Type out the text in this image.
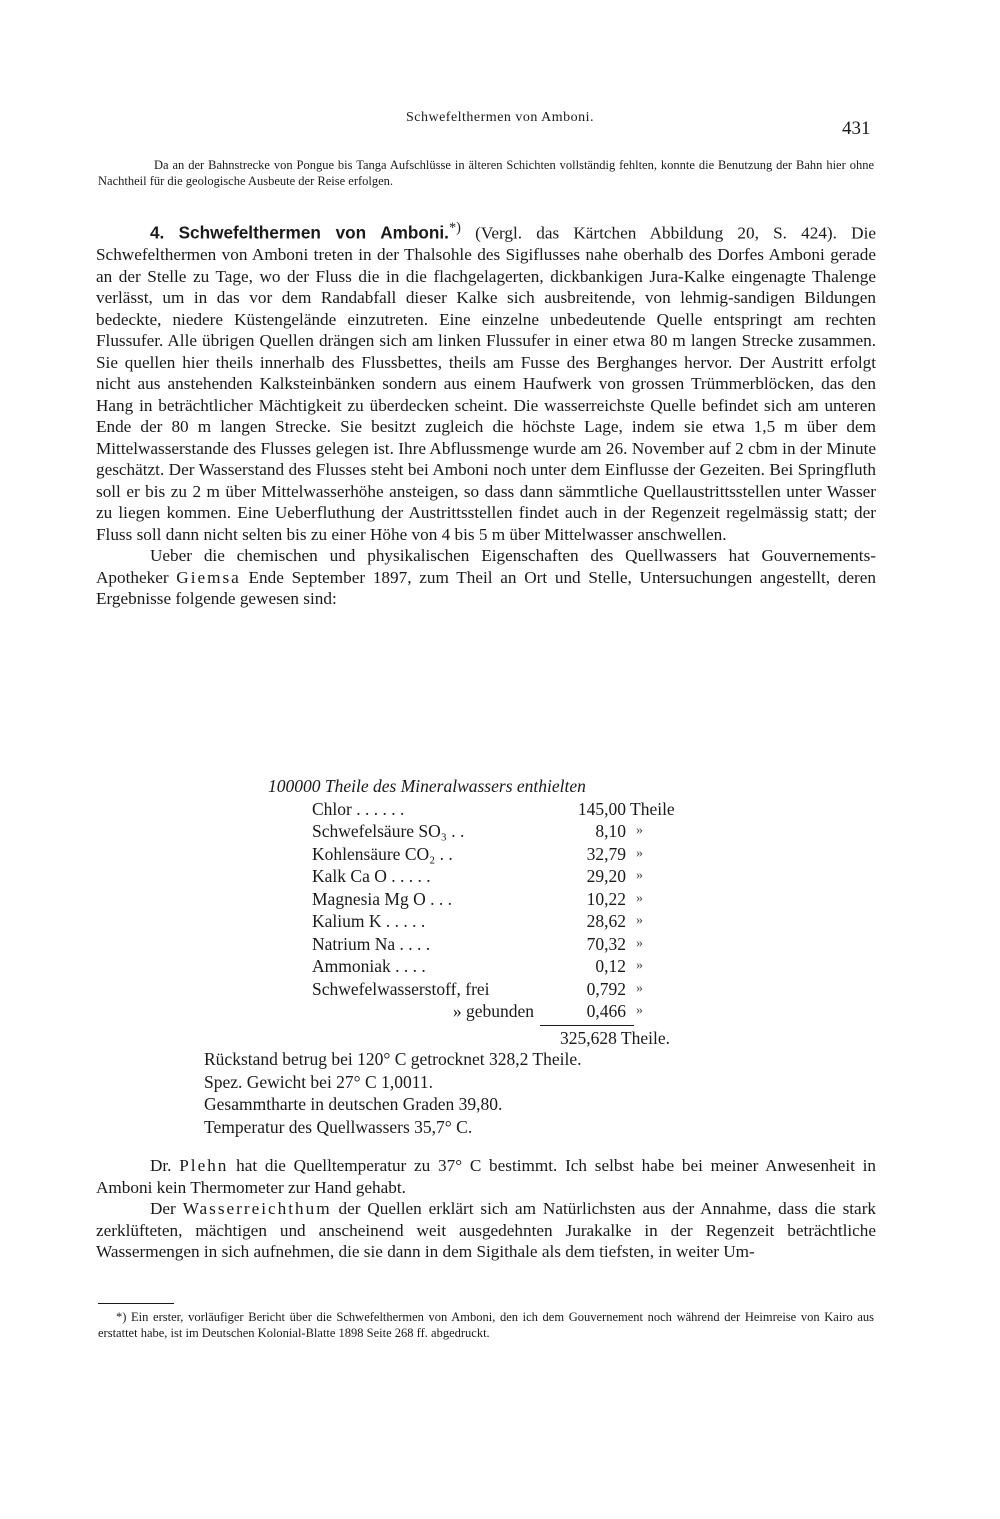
Schwefelthermen von Amboni.
431
Da an der Bahnstrecke von Pongue bis Tanga Aufschlüsse in älteren Schichten vollständig fehlten, konnte die Benutzung der Bahn hier ohne Nachtheil für die geologische Ausbeute der Reise erfolgen.

4. Schwefelthermen von Amboni.*) (Vergl. das Kärtchen Abbildung 20, S. 424). Die Schwefelthermen von Amboni treten in der Thalsohle des Sigiflusses nahe oberhalb des Dorfes Amboni gerade an der Stelle zu Tage, wo der Fluss die in die flachgelagerten, dickbankigen Jura-Kalke eingenagte Thalenge verlässt, um in das vor dem Randabfall dieser Kalke sich ausbreitende, von lehmig-sandigen Bildungen bedeckte, niedere Küstengelände einzutreten. Eine einzelne unbedeutende Quelle entspringt am rechten Flussufer. Alle übrigen Quellen drängen sich am linken Flussufer in einer etwa 80 m langen Strecke zusammen. Sie quellen hier theils innerhalb des Flussbettes, theils am Fusse des Berghanges hervor. Der Austritt erfolgt nicht aus anstehenden Kalksteinbänken sondern aus einem Haufwerk von grossen Trümmerblöcken, das den Hang in beträchtlicher Mächtigkeit zu überdecken scheint. Die wasserreichste Quelle befindet sich am unteren Ende der 80 m langen Strecke. Sie besitzt zugleich die höchste Lage, indem sie etwa 1,5 m über dem Mittelwasserstande des Flusses gelegen ist. Ihre Abflussmenge wurde am 26. November auf 2 cbm in der Minute geschätzt. Der Wasserstand des Flusses steht bei Amboni noch unter dem Einflusse der Gezeiten. Bei Springfluth soll er bis zu 2 m über Mittelwasserhöhe ansteigen, so dass dann sämmtliche Quellaustrittsstellen unter Wasser zu liegen kommen. Eine Ueberfluthung der Austrittsstellen findet auch in der Regenzeit regelmässig statt; der Fluss soll dann nicht selten bis zu einer Höhe von 4 bis 5 m über Mittelwasser anschwellen.

Ueber die chemischen und physikalischen Eigenschaften des Quellwassers hat Gouvernements-Apotheker Giemsa Ende September 1897, zum Theil an Ort und Stelle, Untersuchungen angestellt, deren Ergebnisse folgende gewesen sind:

100000 Theile des Mineralwassers enthielten
Chlor . . . . . .	145,00 Theile
Schwefelsäure SO₃ . .	8,10 »
Kohlensäure CO₂ . .	32,79 »
Kalk Ca O . . . . .	29,20 »
Magnesia Mg O . . .	10,22 »
Kalium K . . . . .	28,62 »
Natrium Na . . . .	70,32 »
Ammoniak . . . .	0,12 »
Schwefelwasserstoff, frei	0,792 »
» gebunden	0,466 »
325,628 Theile.
Rückstand betrug bei 120° C getrocknet 328,2 Theile.
Spez. Gewicht bei 27° C 1,0011.
Gesammtharte in deutschen Graden 39,80.
Temperatur des Quellwassers 35,7° C.

Dr. Plehn hat die Quelltemperatur zu 37° C bestimmt. Ich selbst habe bei meiner Anwesenheit in Amboni kein Thermometer zur Hand gehabt.

Der Wasserreichthum der Quellen erklärt sich am Natürlichsten aus der Annahme, dass die stark zerklüfteten, mächtigen und anscheinend weit ausgedehnten Jurakalke in der Regenzeit beträchtliche Wassermengen in sich aufnehmen, die sie dann in dem Sigithale als dem tiefsten, in weiter Um-

*) Ein erster, vorläufiger Bericht über die Schwefelthermen von Amboni, den ich dem Gouvernement noch während der Heimreise von Kairo aus erstattet habe, ist im Deutschen Kolonial-Blatte 1898 Seite 268 ff. abgedruckt.
